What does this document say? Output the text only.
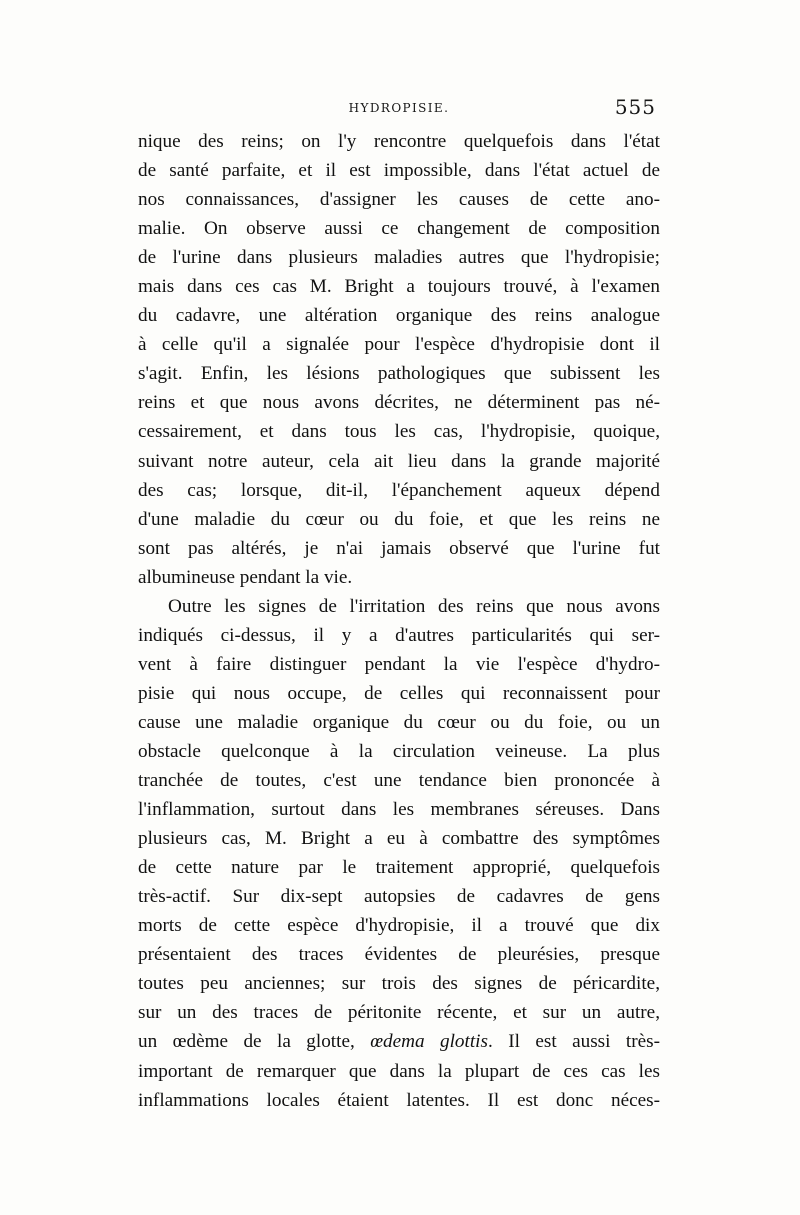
HYDROPISIE.	555
nique des reins; on l'y rencontre quelquefois dans l'état
de santé parfaite, et il est impossible, dans l'état actuel de
nos connaissances, d'assigner les causes de cette ano-
malie. On observe aussi ce changement de composition
de l'urine dans plusieurs maladies autres que l'hydropisie;
mais dans ces cas M. Bright a toujours trouvé, à l'examen
du cadavre, une altération organique des reins analogue
à celle qu'il a signalée pour l'espèce d'hydropisie dont il
s'agit. Enfin, les lésions pathologiques que subissent les
reins et que nous avons décrites, ne déterminent pas né-
cessairement, et dans tous les cas, l'hydropisie, quoique,
suivant notre auteur, cela ait lieu dans la grande majorité
des cas; lorsque, dit-il, l'épanchement aqueux dépend
d'une maladie du cœur ou du foie, et que les reins ne
sont pas altérés, je n'ai jamais observé que l'urine fut
albumineuse pendant la vie.
Outre les signes de l'irritation des reins que nous avons
indiqués ci-dessus, il y a d'autres particularités qui ser-
vent à faire distinguer pendant la vie l'espèce d'hydro-
pisie qui nous occupe, de celles qui reconnaissent pour
cause une maladie organique du cœur ou du foie, ou un
obstacle quelconque à la circulation veineuse. La plus
tranchée de toutes, c'est une tendance bien prononcée à
l'inflammation, surtout dans les membranes séreuses. Dans
plusieurs cas, M. Bright a eu à combattre des symptômes
de cette nature par le traitement approprié, quelquefois
très-actif. Sur dix-sept autopsies de cadavres de gens
morts de cette espèce d'hydropisie, il a trouvé que dix
présentaient des traces évidentes de pleurésies, presque
toutes peu anciennes; sur trois des signes de péricardite,
sur un des traces de péritonite récente, et sur un autre,
un œdème de la glotte, œdema glottis. Il est aussi très-
important de remarquer que dans la plupart de ces cas les
inflammations locales étaient latentes. Il est donc néces-
